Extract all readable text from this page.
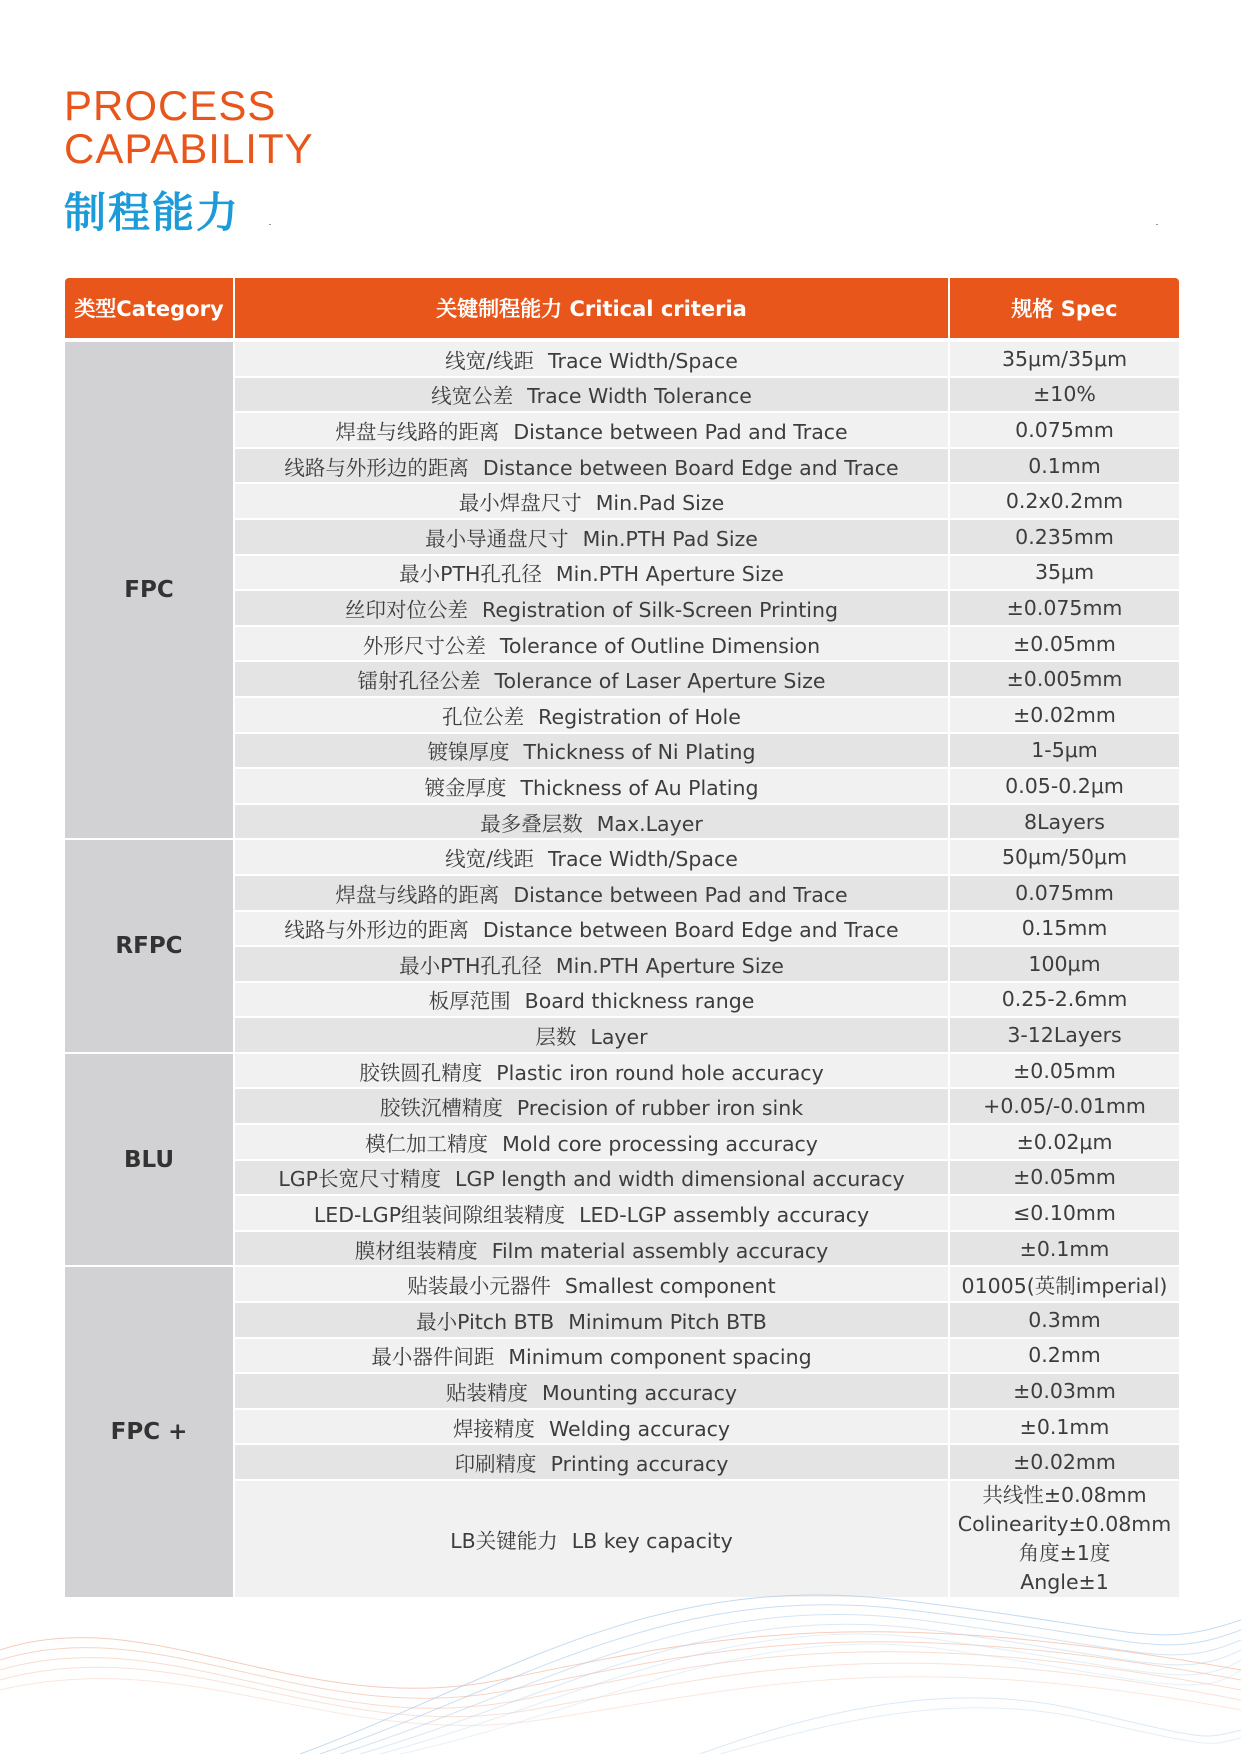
PROCESS
CAPABILITY
制程能力
类型Category	关键制程能力 Critical criteria	规格 Spec

FPC	线宽/线距 Trace Width/Space	35μm/35μm
	线宽公差 Trace Width Tolerance	±10%
	焊盘与线路的距离 Distance between Pad and Trace	0.075mm
	线路与外形边的距离 Distance between Board Edge and Trace	0.1mm
	最小焊盘尺寸 Min.Pad Size	0.2x0.2mm
	最小导通盘尺寸 Min.PTH Pad Size	0.235mm
	最小PTH孔孔径 Min.PTH Aperture Size	35μm
	丝印对位公差 Registration of Silk-Screen Printing	±0.075mm
	外形尺寸公差 Tolerance of Outline Dimension	±0.05mm
	镭射孔径公差 Tolerance of Laser Aperture Size	±0.005mm
	孔位公差 Registration of Hole	±0.02mm
	镀镍厚度 Thickness of Ni Plating	1-5μm
	镀金厚度 Thickness of Au Plating	0.05-0.2μm
	最多叠层数 Max.Layer	8Layers
RFPC	线宽/线距 Trace Width/Space	50μm/50μm
	焊盘与线路的距离 Distance between Pad and Trace	0.075mm
	线路与外形边的距离 Distance between Board Edge and Trace	0.15mm
	最小PTH孔孔径 Min.PTH Aperture Size	100μm
	板厚范围 Board thickness range	0.25-2.6mm
	层数 Layer	3-12Layers
BLU	胶铁圆孔精度 Plastic iron round hole accuracy	±0.05mm
	胶铁沉槽精度 Precision of rubber iron sink	+0.05/-0.01mm
	模仁加工精度 Mold core processing accuracy	±0.02μm
	LGP长宽尺寸精度 LGP length and width dimensional accuracy	±0.05mm
	LED-LGP组装间隙组装精度 LED-LGP assembly accuracy	≤0.10mm
	膜材组装精度 Film material assembly accuracy	±0.1mm
FPC +	贴装最小元器件 Smallest component	01005(英制imperial)
	最小Pitch BTB Minimum Pitch BTB	0.3mm
	最小器件间距 Minimum component spacing	0.2mm
	贴装精度 Mounting accuracy	±0.03mm
	焊接精度 Welding accuracy	±0.1mm
	印刷精度 Printing accuracy	±0.02mm
	LB关键能力 LB key capacity	共线性±0.08mm
Colinearity±0.08mm
角度±1度
Angle±1
